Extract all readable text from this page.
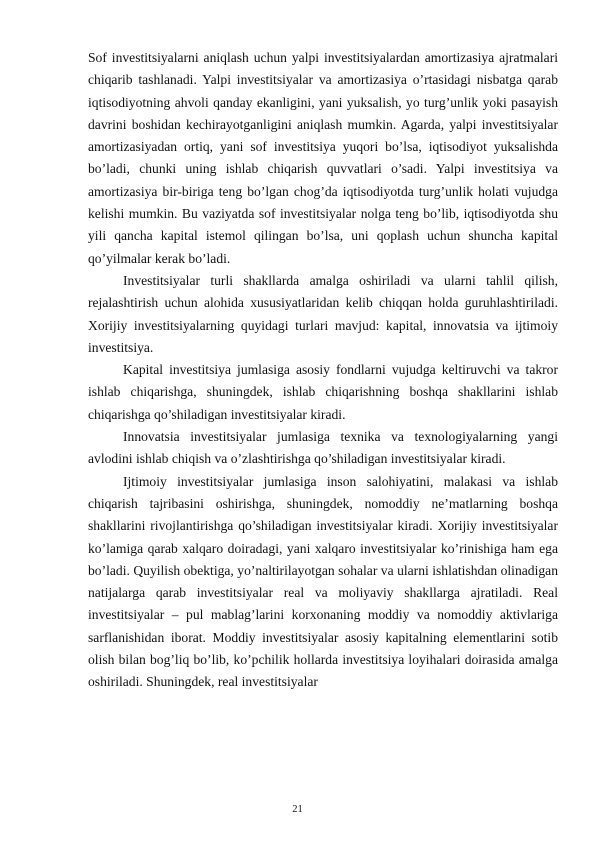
Sof investitsiyalarni aniqlash uchun yalpi investitsiyalardan amortizasiya ajratmalari chiqarib tashlanadi. Yalpi investitsiyalar va amortizasiya o’rtasidagi nisbatga qarab iqtisodiyotning ahvoli qanday ekanligini, yani yuksalish, yo turg’unlik yoki pasayish davrini boshidan kechirayotganligini aniqlash mumkin. Agarda, yalpi investitsiyalar amortizasiyadan ortiq, yani sof investitsiya yuqori bo’lsa, iqtisodiyot yuksalishda bo’ladi, chunki uning ishlab chiqarish quvvatlari o’sadi. Yalpi investitsiya va amortizasiya bir-biriga teng bo’lgan chog’da iqtisodiyotda turg’unlik holati vujudga kelishi mumkin. Bu vaziyatda sof investitsiyalar nolga teng bo’lib, iqtisodiyotda shu yili qancha kapital istemol qilingan bo’lsa, uni qoplash uchun shuncha kapital qo’yilmalar kerak bo’ladi.

Investitsiyalar turli shakllarda amalga oshiriladi va ularni tahlil qilish, rejalashtirish uchun alohida xususiyatlaridan kelib chiqqan holda guruhlashtiriladi. Xorijiy investitsiyalarning quyidagi turlari mavjud: kapital, innovatsia va ijtimoiy investitsiya.

Kapital investitsiya jumlasiga asosiy fondlarni vujudga keltiruvchi va takror ishlab chiqarishga, shuningdek, ishlab chiqarishning boshqa shakllarini ishlab chiqarishga qo’shiladigan investitsiyalar kiradi.

Innovatsia investitsiyalar jumlasiga texnika va texnologiyalarning yangi avlodini ishlab chiqish va o’zlashtirishga qo’shiladigan investitsiyalar kiradi.

Ijtimoiy investitsiyalar jumlasiga inson salohiyatini, malakasi va ishlab chiqarish tajribasini oshirishga, shuningdek, nomoddiy ne’matlarning boshqa shakllarini rivojlantirishga qo’shiladigan investitsiyalar kiradi. Xorijiy investitsiyalar ko’lamiga qarab xalqaro doiradagi, yani xalqaro investitsiyalar ko’rinishiga ham ega bo’ladi. Quyilish obektiga, yo’naltirilayotgan sohalar va ularni ishlatishdan olinadigan natijalarga qarab investitsiyalar real va moliyaviy shakllarga ajratiladi. Real investitsiyalar – pul mablag’larini korxonaning moddiy va nomoddiy aktivlariga sarflanishidan iborat. Moddiy investitsiyalar asosiy kapitalning elementlarini sotib olish bilan bog’liq bo’lib, ko’pchilik hollarda investitsiya loyihalari doirasida amalga oshiriladi. Shuningdek, real investitsiyalar

21
